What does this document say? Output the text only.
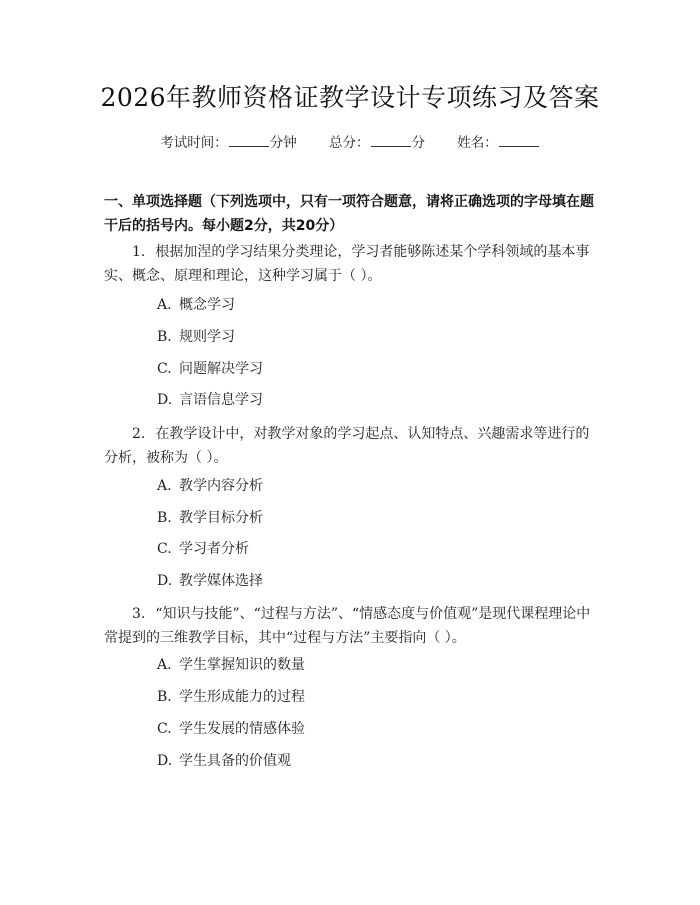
2026年教师资格证教学设计专项练习及答案
考试时间：	分钟 总分：	分 姓名：
一、单项选择题（下列选项中，只有一项符合题意，请将正确选项的字母填在题干后的括号内。每小题2分，共20分）
1. 根据加涅的学习结果分类理论，学习者能够陈述某个学科领域的基本事实、概念、原理和理论，这种学习属于（ ）。
A. 概念学习
B. 规则学习
C. 问题解决学习
D. 言语信息学习
2. 在教学设计中，对教学对象的学习起点、认知特点、兴趣需求等进行的分析，被称为（ ）。
A. 教学内容分析
B. 教学目标分析
C. 学习者分析
D. 教学媒体选择
3. “知识与技能”、“过程与方法”、“情感态度与价值观”是现代课程理论中常提到的三维教学目标，其中“过程与方法”主要指向（ ）。
A. 学生掌握知识的数量
B. 学生形成能力的过程
C. 学生发展的情感体验
D. 学生具备的价值观
